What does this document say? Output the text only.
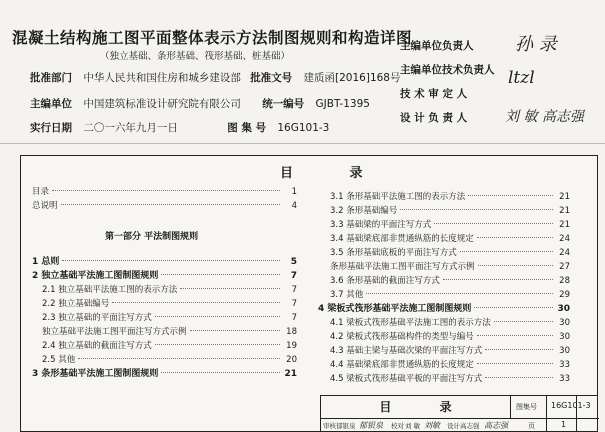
混凝土结构施工图平面整体表示方法制图规则和构造详图
（独立基础、条形基础、筏形基础、桩基础）
批准部门 中华人民共和国住房和城乡建设部 批准文号 建质函[2016]168号
主编单位 中国建筑标准设计研究院有限公司 统一编号 GJBT-1395
实行日期 二〇一六年九月一日	图 集 号 16G101-3
主编单位负责人 孙 录
主编单位技术负责人 ltzl
技 术 审 定 人
设 计 负 责 人	刘 敏 高志强
目 录
第一部分 平法制图规则
目录	1
总说明	4
1 总则	5
2 独立基础平法施工图制图规则	7
2.1 独立基础平法施工图的表示方法	7
2.2 独立基础编号	7
2.3 独立基础的平面注写方式	7
独立基础平法施工图平面注写方式示例	18
2.4 独立基础的截面注写方式	19
2.5 其他	20
3 条形基础平法施工图制图规则	21
3.1 条形基础平法施工图的表示方法	21
3.2 条形基础编号	21
3.3 基础梁的平面注写方式	21
3.4 基础梁底部非贯通纵筋的长度规定	24
3.5 条形基础底板的平面注写方式	24
条形基础平法施工图平面注写方式示例	27
3.6 条形基础的截面注写方式	28
3.7 其他	29
4 梁板式筏形基础平法施工图制图规则	30
4.1 梁板式筏形基础平法施工图的表示方法	30
4.2 梁板式筏形基础构件的类型与编号	30
4.3 基础主梁与基础次梁的平面注写方式	30
4.4 基础梁底部非贯通纵筋的长度规定	33
4.5 梁板式筏形基础平板的平面注写方式	33
目 录	图集号 16G101-3
页	1
审核 郁银泉 郁银泉 校对 刘 敏 刘敏 设计 高志强 高志强
